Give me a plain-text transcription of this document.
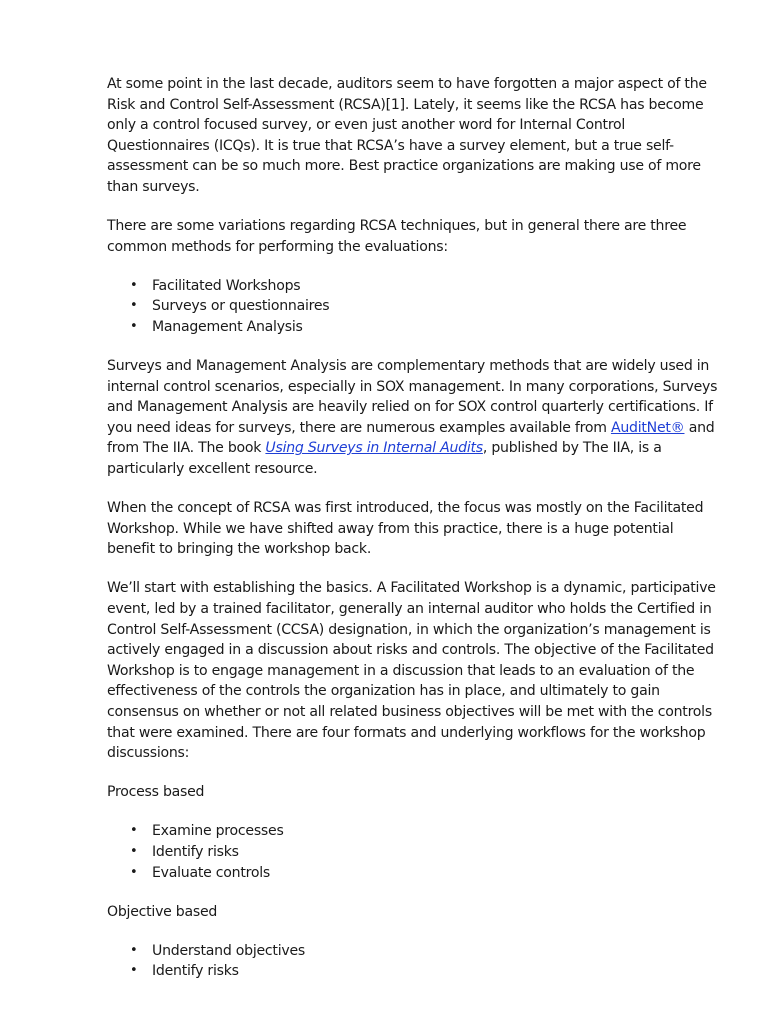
At some point in the last decade, auditors seem to have forgotten a major aspect of the Risk and Control Self-Assessment (RCSA)[1]. Lately, it seems like the RCSA has become only a control focused survey, or even just another word for Internal Control Questionnaires (ICQs). It is true that RCSA’s have a survey element, but a true self-assessment can be so much more. Best practice organizations are making use of more than surveys.

There are some variations regarding RCSA techniques, but in general there are three common methods for performing the evaluations:

• Facilitated Workshops
• Surveys or questionnaires
• Management Analysis

Surveys and Management Analysis are complementary methods that are widely used in internal control scenarios, especially in SOX management. In many corporations, Surveys and Management Analysis are heavily relied on for SOX control quarterly certifications. If you need ideas for surveys, there are numerous examples available from AuditNet® and from The IIA. The book Using Surveys in Internal Audits, published by The IIA, is a particularly excellent resource.

When the concept of RCSA was first introduced, the focus was mostly on the Facilitated Workshop. While we have shifted away from this practice, there is a huge potential benefit to bringing the workshop back.

We’ll start with establishing the basics. A Facilitated Workshop is a dynamic, participative event, led by a trained facilitator, generally an internal auditor who holds the Certified in Control Self-Assessment (CCSA) designation, in which the organization’s management is actively engaged in a discussion about risks and controls. The objective of the Facilitated Workshop is to engage management in a discussion that leads to an evaluation of the effectiveness of the controls the organization has in place, and ultimately to gain consensus on whether or not all related business objectives will be met with the controls that were examined. There are four formats and underlying workflows for the workshop discussions:

Process based

• Examine processes
• Identify risks
• Evaluate controls

Objective based

• Understand objectives
• Identify risks
